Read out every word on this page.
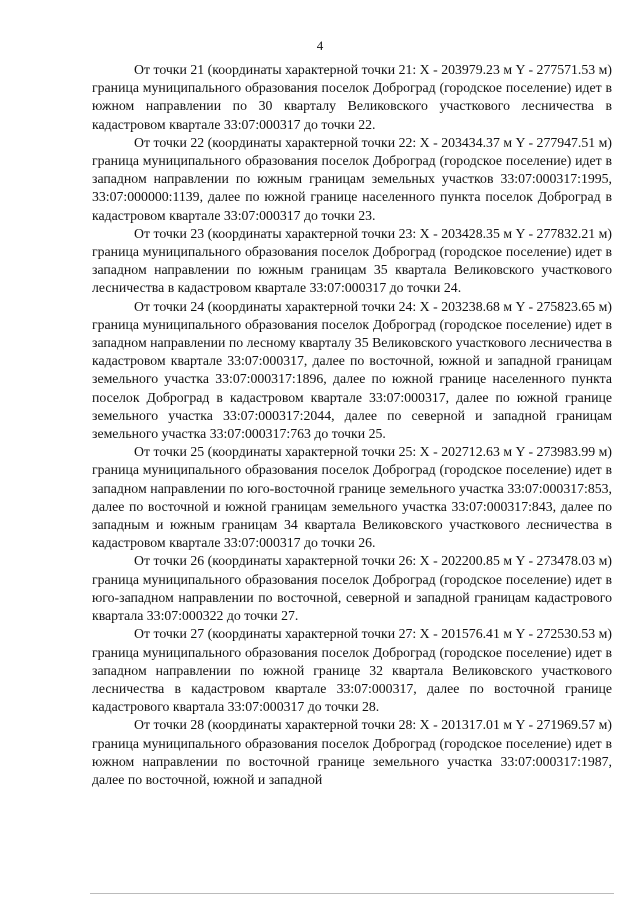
4

От точки 21 (координаты характерной точки 21: X - 203979.23 м Y - 277571.53 м) граница муниципального образования поселок Доброград (городское поселение) идет в южном направлении по 30 кварталу Великовского участкового лесничества в кадастровом квартале 33:07:000317 до точки 22.

От точки 22 (координаты характерной точки 22: X - 203434.37 м Y - 277947.51 м) граница муниципального образования поселок Доброград (городское поселение) идет в западном направлении по южным границам земельных участков 33:07:000317:1995, 33:07:000000:1139, далее по южной границе населенного пункта поселок Доброград в кадастровом квартале 33:07:000317 до точки 23.

От точки 23 (координаты характерной точки 23: X - 203428.35 м Y - 277832.21 м) граница муниципального образования поселок Доброград (городское поселение) идет в западном направлении по южным границам 35 квартала Великовского участкового лесничества в кадастровом квартале 33:07:000317 до точки 24.

От точки 24 (координаты характерной точки 24: X - 203238.68 м Y - 275823.65 м) граница муниципального образования поселок Доброград (городское поселение) идет в западном направлении по лесному кварталу 35 Великовского участкового лесничества в кадастровом квартале 33:07:000317, далее по восточной, южной и западной границам земельного участка 33:07:000317:1896, далее по южной границе населенного пункта поселок Доброград в кадастровом квартале 33:07:000317, далее по южной границе земельного участка 33:07:000317:2044, далее по северной и западной границам земельного участка 33:07:000317:763 до точки 25.

От точки 25 (координаты характерной точки 25: X - 202712.63 м Y - 273983.99 м) граница муниципального образования поселок Доброград (городское поселение) идет в западном направлении по юго-восточной границе земельного участка 33:07:000317:853, далее по восточной и южной границам земельного участка 33:07:000317:843, далее по западным и южным границам 34 квартала Великовского участкового лесничества в кадастровом квартале 33:07:000317 до точки 26.

От точки 26 (координаты характерной точки 26: X - 202200.85 м Y - 273478.03 м) граница муниципального образования поселок Доброград (городское поселение) идет в юго-западном направлении по восточной, северной и западной границам кадастрового квартала 33:07:000322 до точки 27.

От точки 27 (координаты характерной точки 27: X - 201576.41 м Y - 272530.53 м) граница муниципального образования поселок Доброград (городское поселение) идет в западном направлении по южной границе 32 квартала Великовского участкового лесничества в кадастровом квартале 33:07:000317, далее по восточной границе кадастрового квартала 33:07:000317 до точки 28.

От точки 28 (координаты характерной точки 28: X - 201317.01 м Y - 271969.57 м) граница муниципального образования поселок Доброград (городское поселение) идет в южном направлении по восточной границе земельного участка 33:07:000317:1987, далее по восточной, южной и западной
